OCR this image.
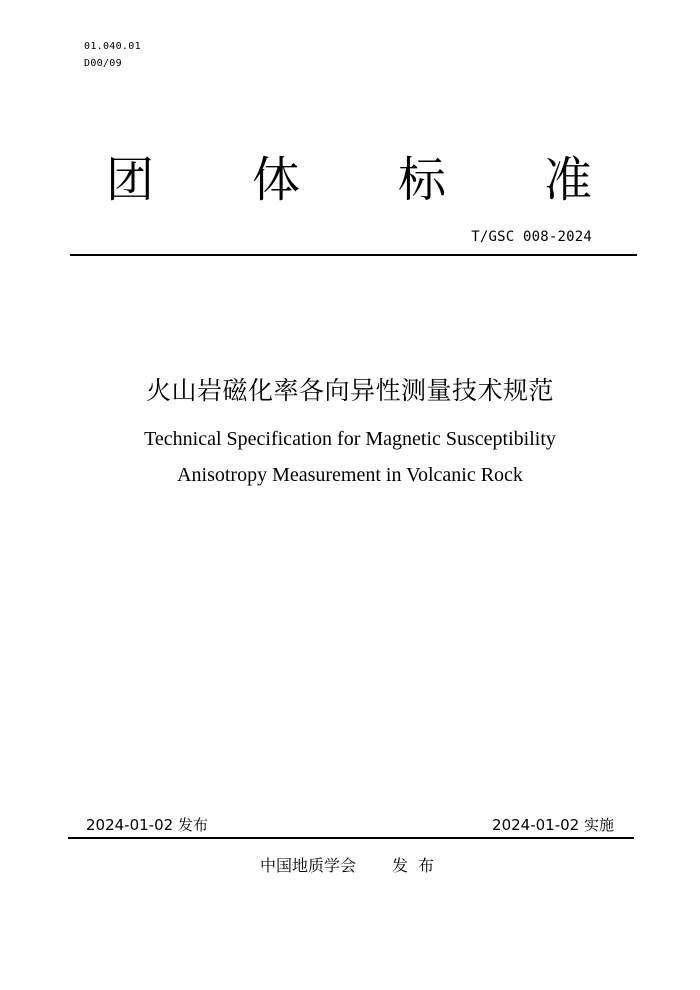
01.040.01
D00/09
团 体 标 准
T/GSC 008-2024
火山岩磁化率各向异性测量技术规范
Technical Specification for Magnetic Susceptibility
Anisotropy Measurement in Volcanic Rock
2024-01-02 发布	2024-01-02 实施
中国地质学会 发布
